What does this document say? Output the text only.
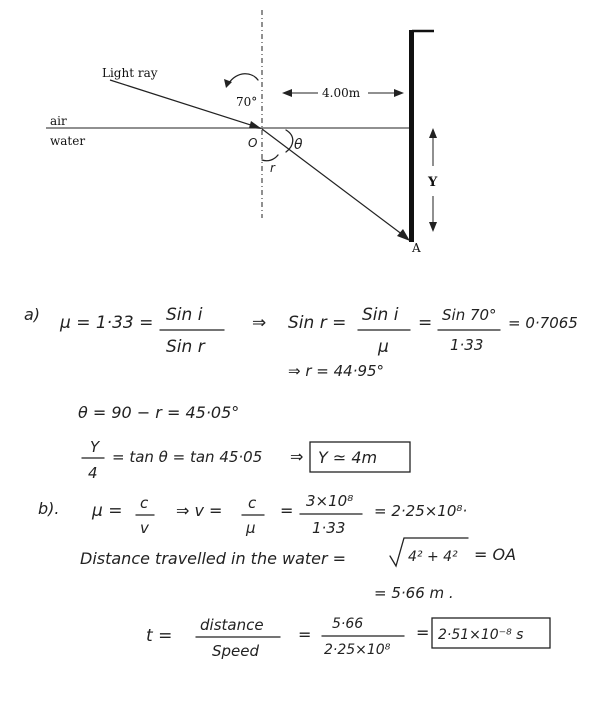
Light ray
air
water
70°
4.00m
O	θ
r
Y
A
a) μ = 1·33 = Sin i
Sin r
⇒ Sin r = Sin i
μ
= Sin 70°
1·33
= 0·7065
⇒ r = 44·95°
θ = 90 − r = 45·05°
Y
4
= tan θ = tan 45·05 ⇒ Y ≃ 4m
b). μ = c
v
⇒ v = c
μ
= 3×10⁸
1·33
= 2·25×10⁸·
Distance travelled in the water =	4² + 4² = OA
= 5·66 m .
t =
distance
Speed
=
5·66
2·25×10⁸
= 2·51×10⁻⁸ s
